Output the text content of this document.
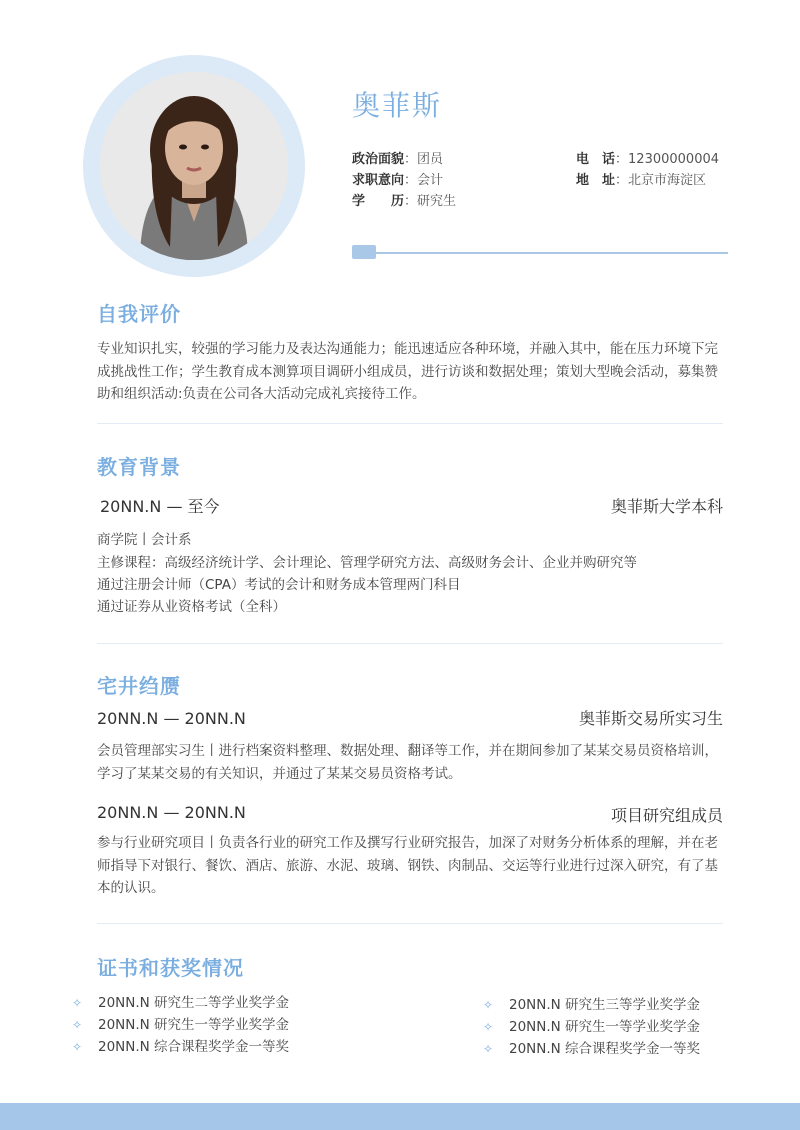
奥菲斯
政治面貌：团员
求职意向：会计
学　　历：研究生
电　话：12300000004
地　址：北京市海淀区
自我评价
专业知识扎实，较强的学习能力及表达沟通能力；能迅速适应各种环境，并融入其中，能在压力环境下完成挑战性工作；学生教育成本测算项目调研小组成员，进行访谈和数据处理；策划大型晚会活动，募集赞助和组织活动:负责在公司各大活动完成礼宾接待工作。
教育背景
20NN.N — 至今	奥菲斯大学本科
商学院丨会计系
主修课程：高级经济统计学、会计理论、管理学研究方法、高级财务会计、企业并购研究等
通过注册会计师（CPA）考试的会计和财务成本管理两门科目
通过证券从业资格考试（全科）
宅井绉赝
20NN.N — 20NN.N	奥菲斯交易所实习生
会员管理部实习生丨进行档案资料整理、数据处理、翻译等工作，并在期间参加了某某交易员资格培训，学习了某某交易的有关知识，并通过了某某交易员资格考试。
20NN.N — 20NN.N	项目研究组成员
参与行业研究项目丨负责各行业的研究工作及撰写行业研究报告，加深了对财务分析体系的理解，并在老师指导下对银行、餐饮、酒店、旅游、水泥、玻璃、钢铁、肉制品、交运等行业进行过深入研究，有了基本的认识。
证书和获奖情况
✧ 20NN.N 研究生二等学业奖学金
✧ 20NN.N 研究生一等学业奖学金
✧ 20NN.N 综合课程奖学金一等奖
✧ 20NN.N 研究生三等学业奖学金
✧ 20NN.N 研究生一等学业奖学金
✧ 20NN.N 综合课程奖学金一等奖
